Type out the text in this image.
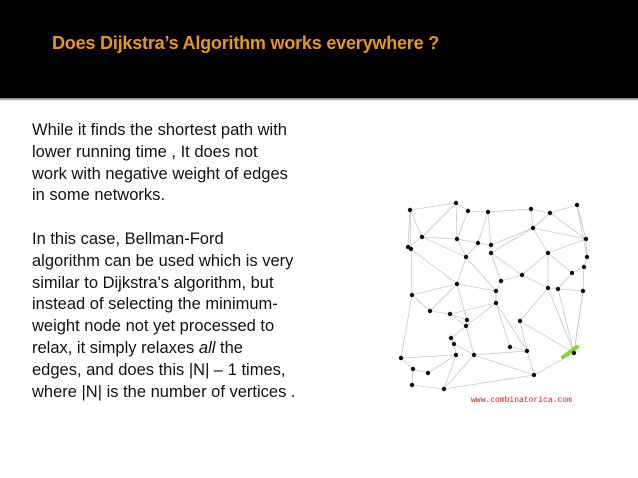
Does Dijkstra’s Algorithm works everywhere ?

While it finds the shortest path with
lower running time , It does not
work with negative weight of edges
in some networks.

In this case, Bellman-Ford
algorithm can be used which is very
similar to Dijkstra's algorithm, but
instead of selecting the minimum-
weight node not yet processed to
relax, it simply relaxes all the
edges, and does this |N| – 1 times,
where |N| is the number of vertices .	www.combinatorica.com
